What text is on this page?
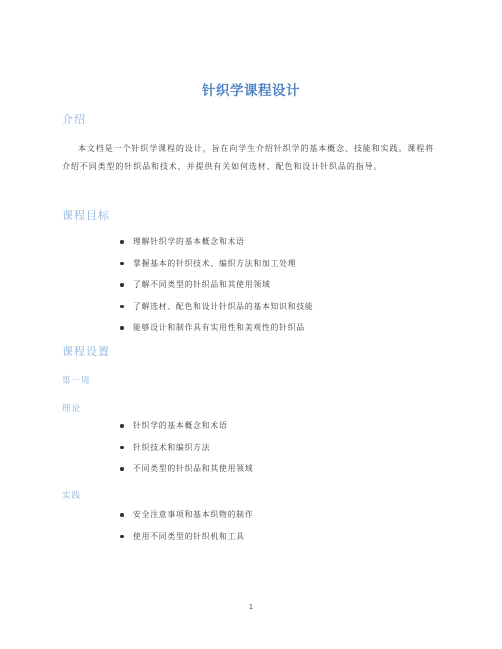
针织学课程设计
介绍

本文档是一个针织学课程的设计，旨在向学生介绍针织学的基本概念、技能和实践。课程将介绍不同类型的针织品和技术，并提供有关如何选材、配色和设计针织品的指导。

课程目标
理解针织学的基本概念和术语
掌握基本的针织技术、编织方法和加工处理
了解不同类型的针织品和其使用领域
了解选材、配色和设计针织品的基本知识和技能
能够设计和制作具有实用性和美观性的针织品
课程设置
第一周
理论
针织学的基本概念和术语
针织技术和编织方法
不同类型的针织品和其使用领域
实践
安全注意事项和基本织物的制作
使用不同类型的针织机和工具
1
